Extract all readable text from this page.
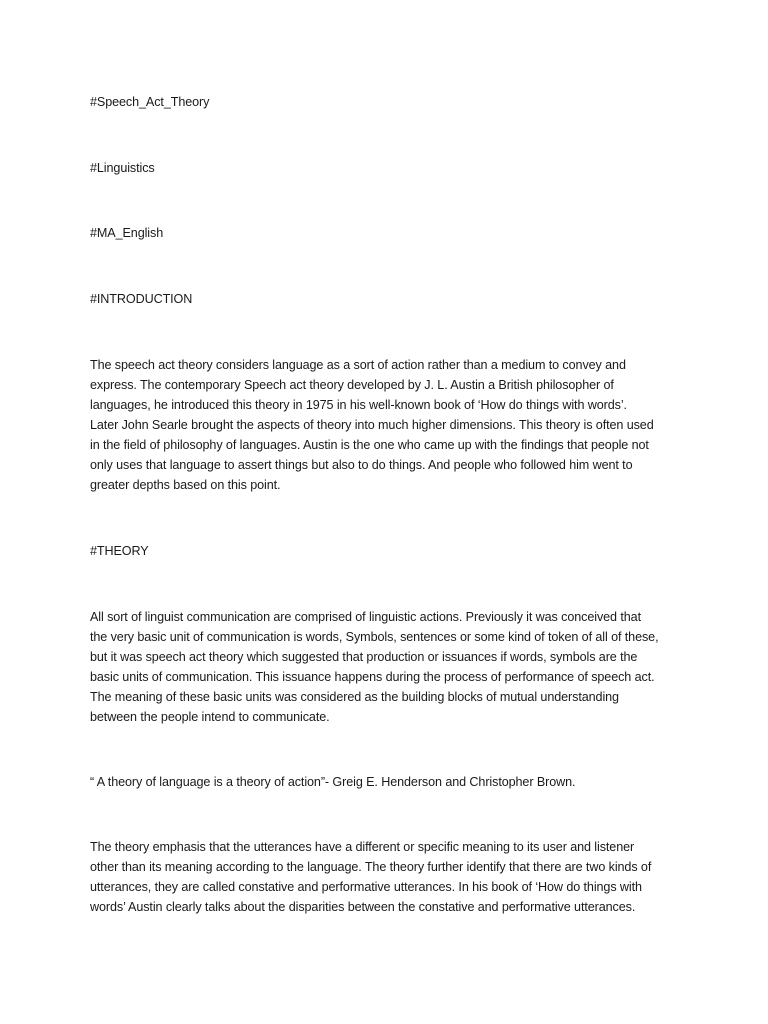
#Speech_Act_Theory
#Linguistics
#MA_English
#INTRODUCTION
The speech act theory considers language as a sort of action rather than a medium to convey and
express. The contemporary Speech act theory developed by J. L. Austin a British philosopher of
languages, he introduced this theory in 1975 in his well-known book of ‘How do things with words’.
Later John Searle brought the aspects of theory into much higher dimensions. This theory is often used
in the field of philosophy of languages. Austin is the one who came up with the findings that people not
only uses that language to assert things but also to do things. And people who followed him went to
greater depths based on this point.
#THEORY
All sort of linguist communication are comprised of linguistic actions. Previously it was conceived that
the very basic unit of communication is words, Symbols, sentences or some kind of token of all of these,
but it was speech act theory which suggested that production or issuances if words, symbols are the
basic units of communication. This issuance happens during the process of performance of speech act.
The meaning of these basic units was considered as the building blocks of mutual understanding
between the people intend to communicate.
“ A theory of language is a theory of action”- Greig E. Henderson and Christopher Brown.
The theory emphasis that the utterances have a different or specific meaning to its user and listener
other than its meaning according to the language. The theory further identify that there are two kinds of
utterances, they are called constative and performative utterances. In his book of ‘How do things with
words’ Austin clearly talks about the disparities between the constative and performative utterances.
